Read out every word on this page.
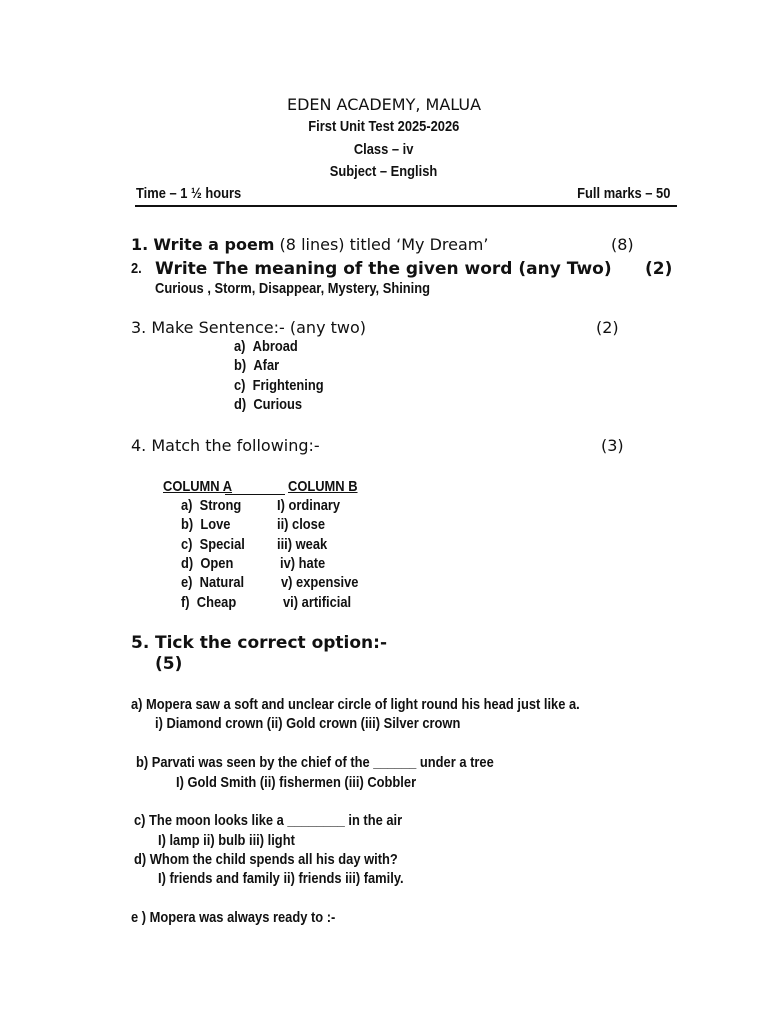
EDEN ACADEMY, MALUA
First Unit Test 2025-2026
Class – iv
Subject – English
Time – 1 ½ hours	Full marks – 50
1. Write a poem (8 lines) titled ‘My Dream’	(8)
2. Write The meaning of the given word (any Two) (2)
Curious , Storm, Disappear, Mystery, Shining
3. Make Sentence:- (any two)	(2)
a) Abroad
b) Afar
c) Frightening
d) Curious
4. Match the following:-	(3)
COLUMN A	COLUMN B
a) Strong I) ordinary
b) Love	ii) close
c) Special iii) weak
d) Open	iv) hate
e) Natural v) expensive
f) Cheap	vi) artificial
5. Tick the correct option:-
(5)
a) Mopera saw a soft and unclear circle of light round his head just like a.
i) Diamond crown (ii) Gold crown (iii) Silver crown
b) Parvati was seen by the chief of the ______ under a tree
I) Gold Smith (ii) fishermen (iii) Cobbler
c) The moon looks like a ________ in the air
I) lamp ii) bulb iii) light
d) Whom the child spends all his day with?
I) friends and family ii) friends iii) family.
e ) Mopera was always ready to :-
